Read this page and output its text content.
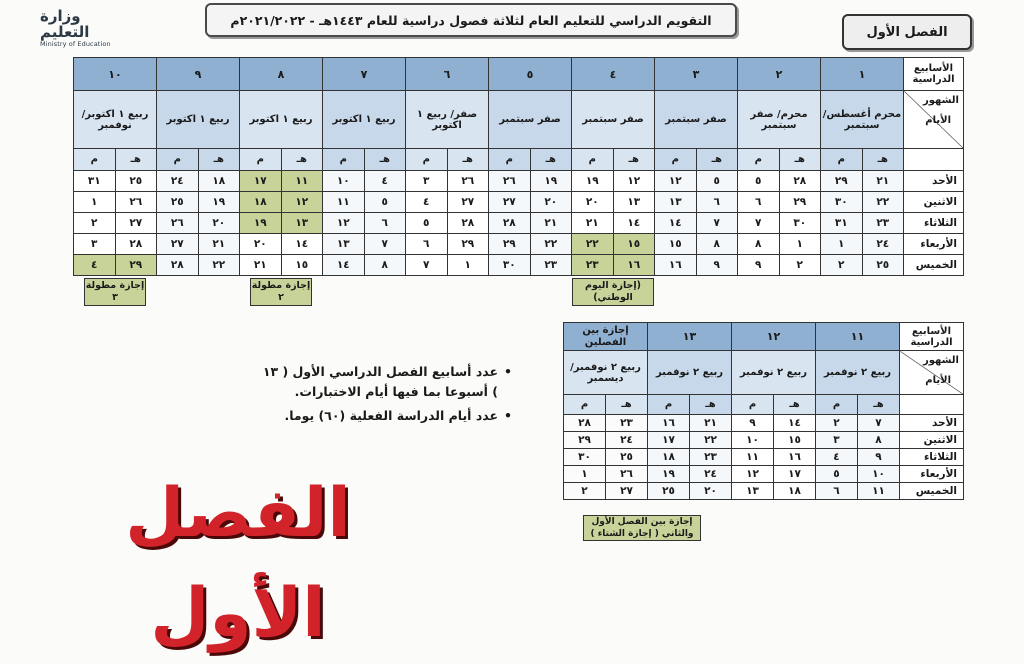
وزارة التعليم
Ministry of Education
التقويم الدراسي للتعليم العام لثلاثة فصول دراسية للعام ١٤٤٣هـ - ٢٠٢١/٢٠٢٢م
الفصل الأول
الأسابيع الدراسية	١		٢		٣		٤		٥		٦		٧		٨		٩		١٠	

الشهور
الأيام	محرم أغسطس/ سبتمبر		محرم/ صفر سبتمبر		صفر سبتمبر		صفر سبتمبر		صفر سبتمبر		صفر/ ربيع ١ اكتوبر		ربيع ١ اكتوبر		ربيع ١ اكتوبر		ربيع ١ اكتوبر		ربيع ١ اكتوبر/ نوفمبر	
	هـ	م	هـ	م	هـ	م	هـ	م	هـ	م	هـ	م	هـ	م	هـ	م	هـ	م	هـ	م
الأحد	٢١	٢٩	٢٨	٥	٥	١٢	١٢	١٩	١٩	٢٦	٢٦	٣	٤	١٠	١١	١٧	١٨	٢٤	٢٥	٣١
الاثنين	٢٢	٣٠	٢٩	٦	٦	١٣	١٣	٢٠	٢٠	٢٧	٢٧	٤	٥	١١	١٢	١٨	١٩	٢٥	٢٦	١
الثلاثاء	٢٣	٣١	٣٠	٧	٧	١٤	١٤	٢١	٢١	٢٨	٢٨	٥	٦	١٢	١٣	١٩	٢٠	٢٦	٢٧	٢
الأربعاء	٢٤	١	١	٨	٨	١٥	١٥	٢٢	٢٢	٢٩	٢٩	٦	٧	١٣	١٤	٢٠	٢١	٢٧	٢٨	٣
الخميس	٢٥	٢	٢	٩	٩	١٦	١٦	٢٣	٢٣	٣٠	١	٧	٨	١٤	١٥	٢١	٢٢	٢٨	٢٩	٤
							(إجازة اليوم الوطني)								إجازة مطولة ٢				إجازة مطولة ٣	
الأسابيع الدراسية	١١		١٢		١٣		إجازة بين الفصلين	

الشهور
الأيام	ربيع ٢ نوفمبر		ربيع ٢ نوفمبر		ربيع ٢ نوفمبر		ربيع ٢ نوفمبر/ ديسمبر	
	هـ	م	هـ	م	هـ	م	هـ	م
الأحد	٧	٢	١٤	٩	٢١	١٦	٢٣	٢٨
الاثنين	٨	٣	١٥	١٠	٢٢	١٧	٢٤	٢٩
الثلاثاء	٩	٤	١٦	١١	٢٣	١٨	٢٥	٣٠
الأربعاء	١٠	٥	١٧	١٢	٢٤	١٩	٢٦	١
الخميس	١١	٦	١٨	١٣	٢٠	٢٥	٢٧	٢
• عدد أسابيع الفصل الدراسي الأول ( ١٣ ) أسبوعا بما فيها أيام الاختبارات.
• عدد أيام الدراسة الفعلية (٦٠) يوما.
إجازة بين الفصل الأول والثاني ( إجازة الشتاء )
الفصل الأول
